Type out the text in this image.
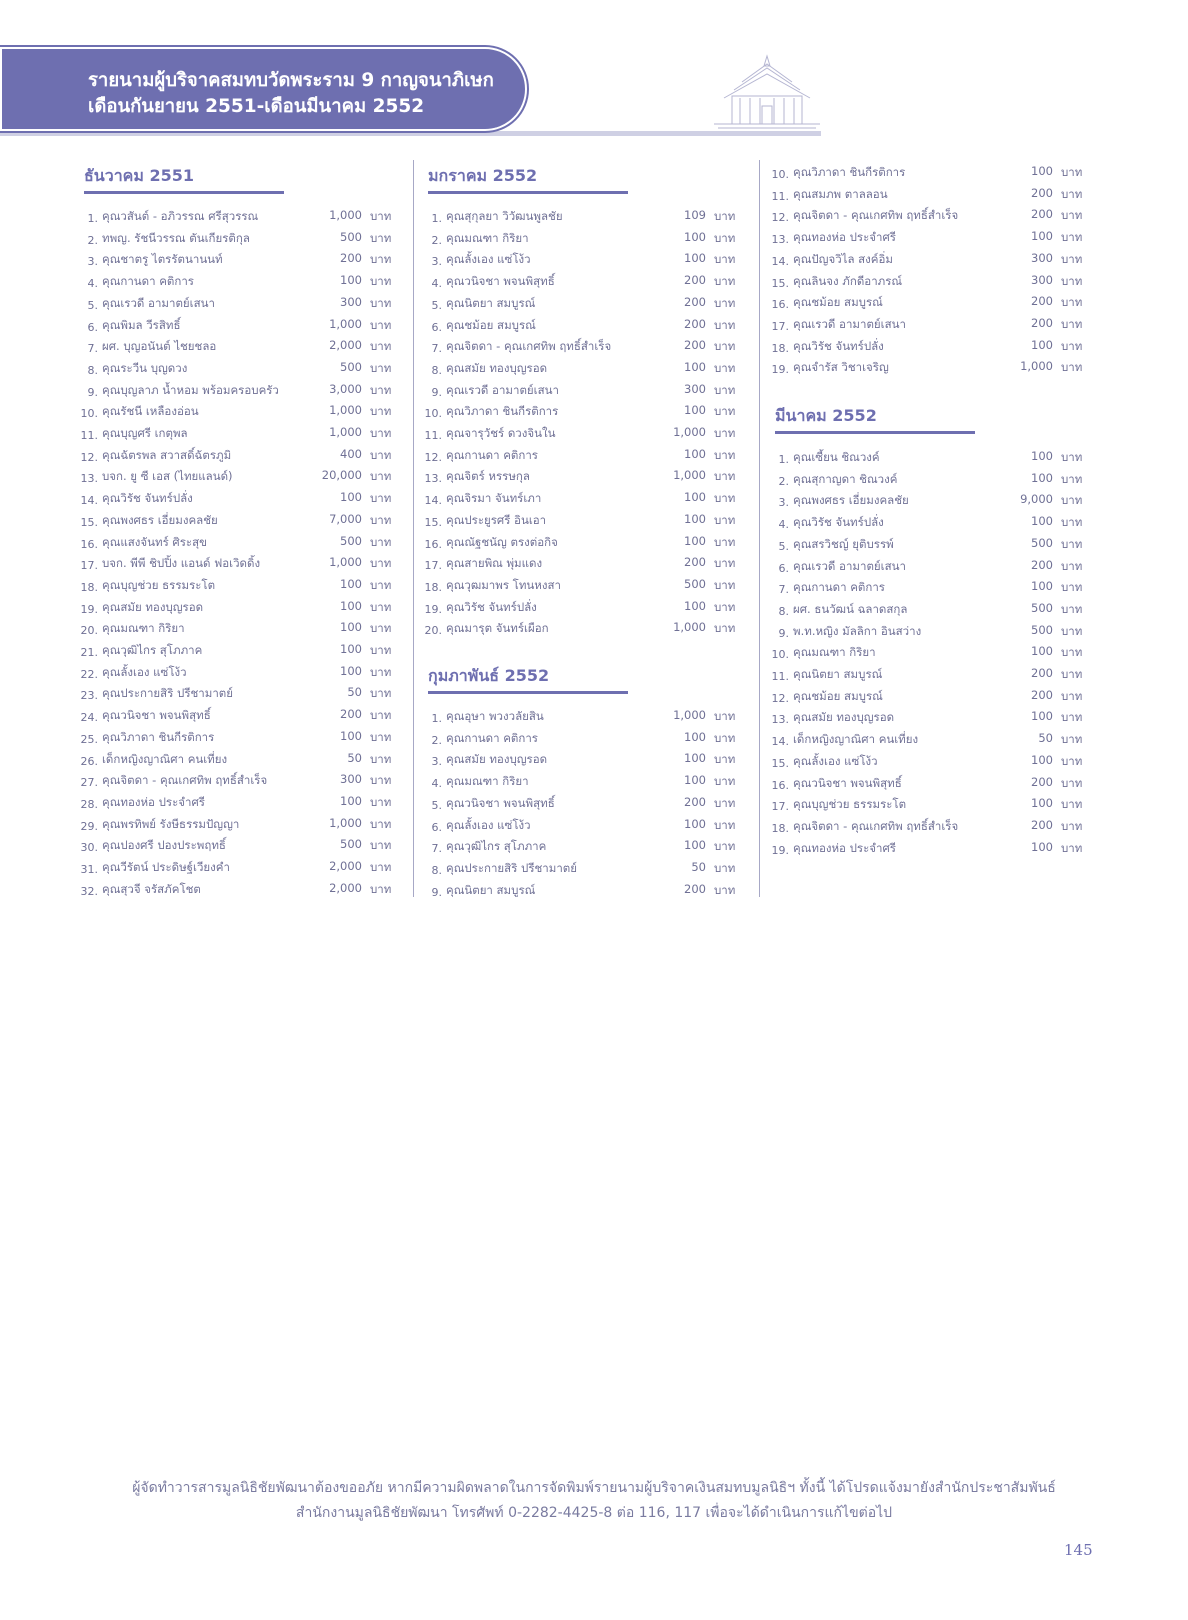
รายนามผู้บริจาคสมทบวัดพระราม 9 กาญจนาภิเษก
เดือนกันยายน 2551-เดือนมีนาคม 2552
ธันวาคม 2551
1. คุณวสันต์ - อภิวรรณ ศรีสุวรรณ	1,000 บาท
2. ทพญ. รัชนีวรรณ ตันเกียรติกุล	500 บาท
3. คุณชาตรู ไตรรัตนานนท์	200 บาท
4. คุณกานดา คติการ	100 บาท
5. คุณเรวดี อามาตย์เสนา	300 บาท
6. คุณพิมล วีรสิทธิ์	1,000 บาท
7. ผศ. บุญอนันต์ ไชยชลอ	2,000 บาท
8. คุณระวีน บุญดวง	500 บาท
9. คุณบุญลาภ น้ำหอม พร้อมครอบครัว	3,000 บาท
10. คุณรัชนี เหลืองอ่อน	1,000 บาท
11. คุณบุญศรี เกตุพล	1,000 บาท
12. คุณฉัตรพล สวาสดิ์ฉัตรภูมิ	400 บาท
13. บจก. ยู ซี เอส (ไทยแลนด์)	20,000 บาท
14. คุณวิรัช จันทร์ปลั่ง	100 บาท
15. คุณพงศธร เอี่ยมงคลชัย	7,000 บาท
16. คุณแสงจันทร์ ศิระสุข	500 บาท
17. บจก. พีพี ชิปปิ้ง แอนด์ ฟอเวิดดิ้ง	1,000 บาท
18. คุณบุญช่วย ธรรมระโต	100 บาท
19. คุณสมัย ทองบุญรอด	100 บาท
20. คุณมณฑา กิริยา	100 บาท
21. คุณวุฒิไกร สุโภภาค	100 บาท
22. คุณลั้งเอง แซ่โง้ว	100 บาท
23. คุณประกายสิริ ปรีชามาตย์	50 บาท
24. คุณวนิจชา พจนพิสุทธิ์	200 บาท
25. คุณวิภาดา ชินกีรติการ	100 บาท
26. เด็กหญิงญาณิศา คนเที่ยง	50 บาท
27. คุณจิตดา - คุณเกศทิพ ฤทธิ์สำเร็จ	300 บาท
28. คุณทองห่อ ประจำศรี	100 บาท
29. คุณพรทิพย์ รังษีธรรมปัญญา	1,000 บาท
30. คุณปองศรี ปองประพฤทธิ์	500 บาท
31. คุณวีรัตน์ ประดิษฐ์เวียงคำ	2,000 บาท
32. คุณสุวจี จรัสภัคโชต	2,000 บาท
มกราคม 2552
1. คุณสุกุลยา วิวัฒนพูลชัย	109 บาท
2. คุณมณฑา กิริยา	100 บาท
3. คุณลั้งเอง แซ่โง้ว	100 บาท
4. คุณวนิจชา พจนพิสุทธิ์	200 บาท
5. คุณนิตยา สมบูรณ์	200 บาท
6. คุณชม้อย สมบูรณ์	200 บาท
7. คุณจิตดา - คุณเกศทิพ ฤทธิ์สำเร็จ	200 บาท
8. คุณสมัย ทองบุญรอด	100 บาท
9. คุณเรวดี อามาตย์เสนา	300 บาท
10. คุณวิภาดา ชินกีรติการ	100 บาท
11. คุณจารุวัชร์ ดวงจินใน	1,000 บาท
12. คุณกานดา คติการ	100 บาท
13. คุณจิตร์ หรรษกุล	1,000 บาท
14. คุณจิรมา จันทร์เภา	100 บาท
15. คุณประยูรศรี อินเอา	100 บาท
16. คุณณัฐชนัญ ตรงต่อกิจ	100 บาท
17. คุณสายพิณ พุ่มแดง	200 บาท
18. คุณวุฒมาพร โทนหงสา	500 บาท
19. คุณวิรัช จันทร์ปลั่ง	100 บาท
20. คุณมารุต จันทร์เผือก	1,000 บาท
กุมภาพันธ์ 2552
1. คุณอุษา พวงวลัยสิน	1,000 บาท
2. คุณกานดา คติการ	100 บาท
3. คุณสมัย ทองบุญรอด	100 บาท
4. คุณมณฑา กิริยา	100 บาท
5. คุณวนิจชา พจนพิสุทธิ์	200 บาท
6. คุณลั้งเอง แซ่โง้ว	100 บาท
7. คุณวุฒิไกร สุโภภาค	100 บาท
8. คุณประกายสิริ ปรีชามาตย์	50 บาท
9. คุณนิตยา สมบูรณ์	200 บาท
10. คุณวิภาดา ชินกีรติการ	100 บาท
11. คุณสมภพ ตาลลอน	200 บาท
12. คุณจิตดา - คุณเกศทิพ ฤทธิ์สำเร็จ	200 บาท
13. คุณทองห่อ ประจำศรี	100 บาท
14. คุณปัญจวิไล สงค์อิ่ม	300 บาท
15. คุณลินจง ภักดีอาภรณ์	300 บาท
16. คุณชม้อย สมบูรณ์	200 บาท
17. คุณเรวดี อามาตย์เสนา	200 บาท
18. คุณวิรัช จันทร์ปลั่ง	100 บาท
19. คุณจำรัส วิชาเจริญ	1,000 บาท
มีนาคม 2552
1. คุณเซี้ยน ชิณวงค์	100 บาท
2. คุณสุกาญดา ชิณวงค์	100 บาท
3. คุณพงศธร เอี่ยมงคลชัย	9,000 บาท
4. คุณวิรัช จันทร์ปลั่ง	100 บาท
5. คุณสรวิชญ์ ยุติบรรพ์	500 บาท
6. คุณเรวดี อามาตย์เสนา	200 บาท
7. คุณกานดา คติการ	100 บาท
8. ผศ. ธนวัฒน์ ฉลาดสกุล	500 บาท
9. พ.ท.หญิง มัลลิกา อินสว่าง	500 บาท
10. คุณมณฑา กิริยา	100 บาท
11. คุณนิตยา สมบูรณ์	200 บาท
12. คุณชม้อย สมบูรณ์	200 บาท
13. คุณสมัย ทองบุญรอด	100 บาท
14. เด็กหญิงญาณิศา คนเที่ยง	50 บาท
15. คุณลั้งเอง แซ่โง้ว	100 บาท
16. คุณวนิจชา พจนพิสุทธิ์	200 บาท
17. คุณบุญช่วย ธรรมระโต	100 บาท
18. คุณจิตดา - คุณเกศทิพ ฤทธิ์สำเร็จ	200 บาท
19. คุณทองห่อ ประจำศรี	100 บาท
ผู้จัดทำวารสารมูลนิธิชัยพัฒนาต้องขออภัย หากมีความผิดพลาดในการจัดพิมพ์รายนามผู้บริจาคเงินสมทบมูลนิธิฯ ทั้งนี้ ได้โปรดแจ้งมายังสำนักประชาสัมพันธ์
สำนักงานมูลนิธิชัยพัฒนา โทรศัพท์ 0-2282-4425-8 ต่อ 116, 117 เพื่อจะได้ดำเนินการแก้ไขต่อไป
145
